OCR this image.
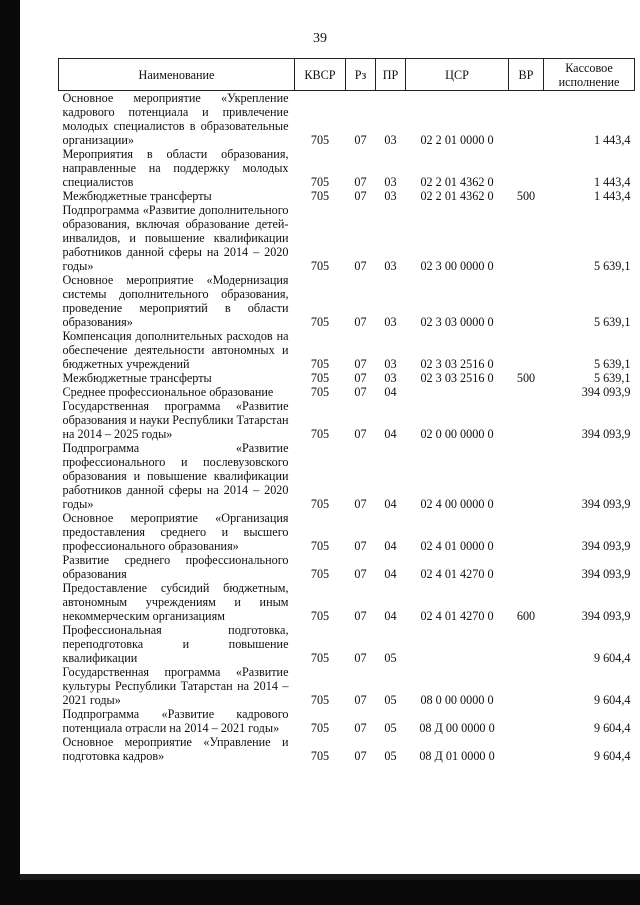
39
Наименование	КВСР	Рз	ПР	ЦСР	ВР	Кассовое
исполнение

Основное мероприятие «Укрепление кадрового потенциала и привлечение молодых специалистов в образовательные организации»	705	07	03	02 2 01 0000 0		1 443,4
Мероприятия в области образования, направленные на поддержку молодых специалистов	705	07	03	02 2 01 4362 0		1 443,4
Межбюджетные трансферты	705	07	03	02 2 01 4362 0	500	1 443,4
Подпрограмма «Развитие дополнительного образования, включая образование детей-инвалидов, и повышение квалификации работников данной сферы на 2014 – 2020 годы»	705	07	03	02 3 00 0000 0		5 639,1
Основное мероприятие «Модернизация системы дополнительного образования, проведение мероприятий в области образования»	705	07	03	02 3 03 0000 0		5 639,1
Компенсация дополнительных расходов на обеспечение деятельности автономных и бюджетных учреждений	705	07	03	02 3 03 2516 0		5 639,1
Межбюджетные трансферты	705	07	03	02 3 03 2516 0	500	5 639,1
Среднее профессиональное образование	705	07	04			394 093,9
Государственная программа «Развитие образования и науки Республики Татарстан на 2014 – 2025 годы»	705	07	04	02 0 00 0000 0		394 093,9
Подпрограмма «Развитие профессионального и послевузовского образования и повышение квалификации работников данной сферы на 2014 – 2020 годы»	705	07	04	02 4 00 0000 0		394 093,9
Основное мероприятие «Организация предоставления среднего и высшего профессионального образования»	705	07	04	02 4 01 0000 0		394 093,9
Развитие среднего профессионального образования	705	07	04	02 4 01 4270 0		394 093,9
Предоставление субсидий бюджетным, автономным учреждениям и иным некоммерческим организациям	705	07	04	02 4 01 4270 0	600	394 093,9
Профессиональная подготовка, переподготовка и повышение квалификации	705	07	05			9 604,4
Государственная программа «Развитие культуры Республики Татарстан на 2014 – 2021 годы»	705	07	05	08 0 00 0000 0		9 604,4
Подпрограмма «Развитие кадрового потенциала отрасли на 2014 – 2021 годы»	705	07	05	08 Д 00 0000 0		9 604,4
Основное мероприятие «Управление и подготовка кадров»	705	07	05	08 Д 01 0000 0		9 604,4
